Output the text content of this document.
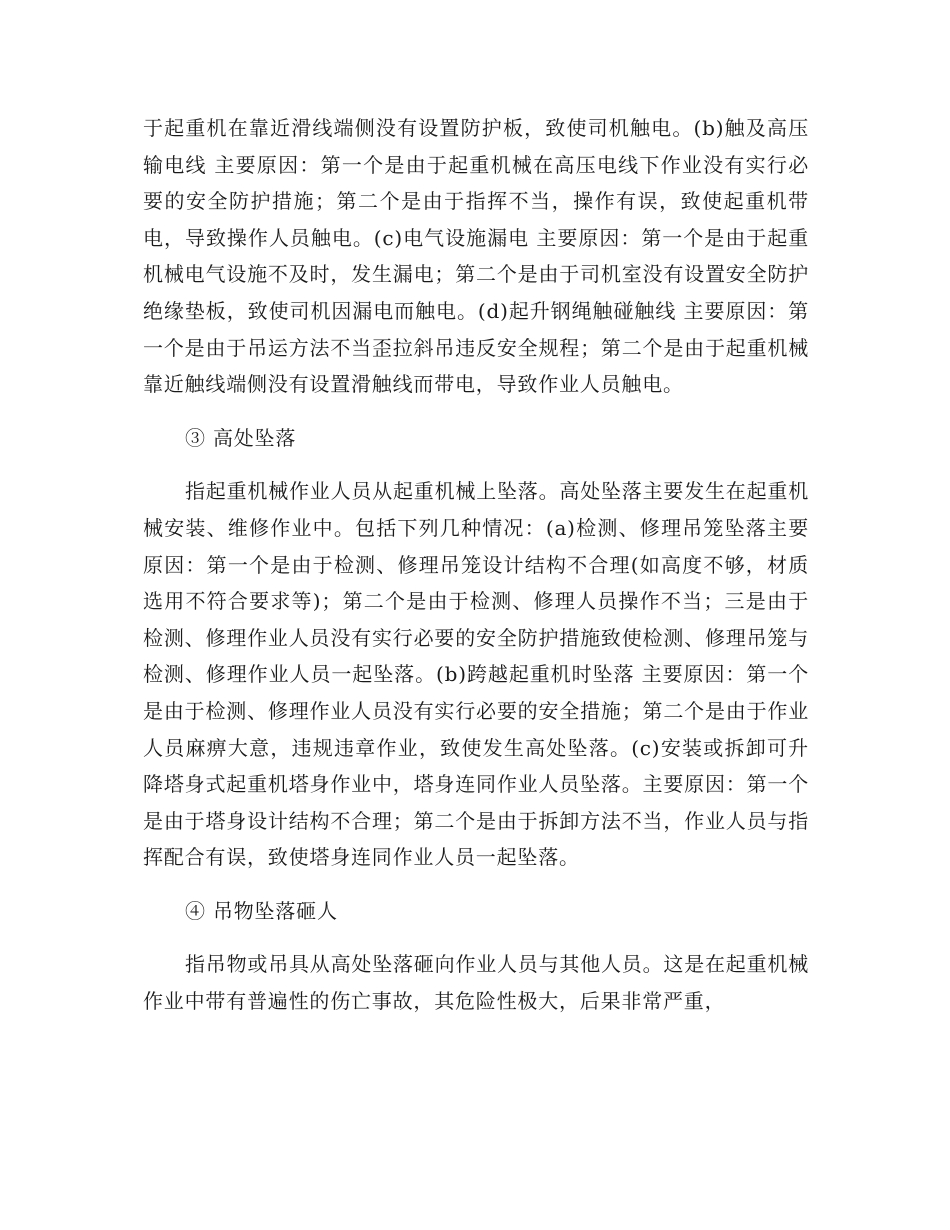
于起重机在靠近滑线端侧没有设置防护板，致使司机触电。(b)触及高压输电线 主要原因：第一个是由于起重机械在高压电线下作业没有实行必要的安全防护措施；第二个是由于指挥不当，操作有误，致使起重机带电，导致操作人员触电。(c)电气设施漏电 主要原因：第一个是由于起重机械电气设施不及时，发生漏电；第二个是由于司机室没有设置安全防护绝缘垫板，致使司机因漏电而触电。(d)起升钢绳触碰触线 主要原因：第一个是由于吊运方法不当歪拉斜吊违反安全规程；第二个是由于起重机械靠近触线端侧没有设置滑触线而带电，导致作业人员触电。

③ 高处坠落

指起重机械作业人员从起重机械上坠落。高处坠落主要发生在起重机械安装、维修作业中。包括下列几种情况：(a)检测、修理吊笼坠落主要原因：第一个是由于检测、修理吊笼设计结构不合理(如高度不够，材质选用不符合要求等)；第二个是由于检测、修理人员操作不当；三是由于检测、修理作业人员没有实行必要的安全防护措施致使检测、修理吊笼与检测、修理作业人员一起坠落。(b)跨越起重机时坠落 主要原因：第一个是由于检测、修理作业人员没有实行必要的安全措施；第二个是由于作业人员麻痹大意，违规违章作业，致使发生高处坠落。(c)安装或拆卸可升降塔身式起重机塔身作业中，塔身连同作业人员坠落。主要原因：第一个是由于塔身设计结构不合理；第二个是由于拆卸方法不当，作业人员与指挥配合有误，致使塔身连同作业人员一起坠落。

④ 吊物坠落砸人

指吊物或吊具从高处坠落砸向作业人员与其他人员。这是在起重机械作业中带有普遍性的伤亡事故，其危险性极大，后果非常严重，
